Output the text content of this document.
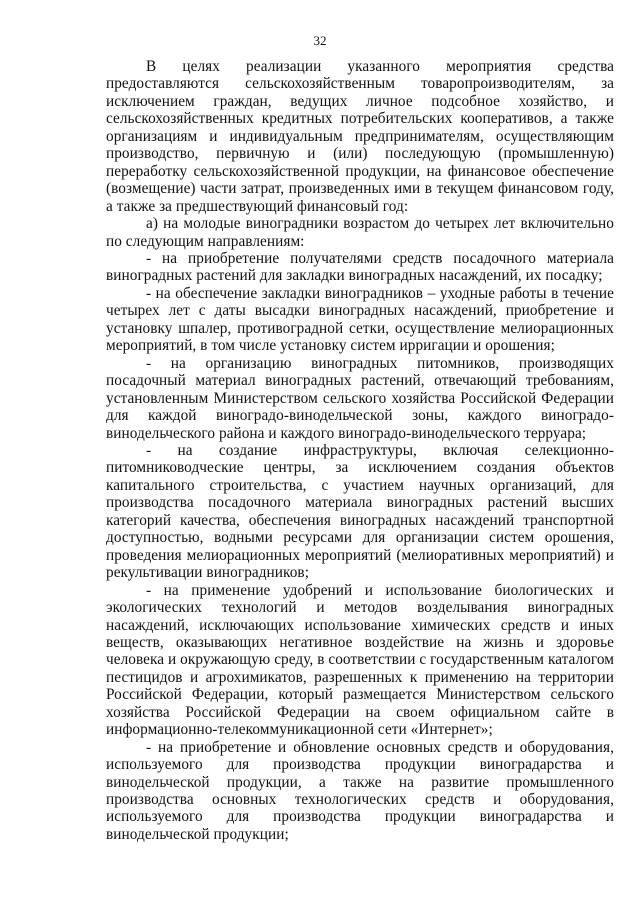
32

В целях реализации указанного мероприятия средства предоставляются сельскохозяйственным товаропроизводителям, за исключением граждан, ведущих личное подсобное хозяйство, и сельскохозяйственных кредитных потребительских кооперативов, а также организациям и индивидуальным предпринимателям, осуществляющим производство, первичную и (или) последующую (промышленную) переработку сельскохозяйственной продукции, на финансовое обеспечение (возмещение) части затрат, произведенных ими в текущем финансовом году, а также за предшествующий финансовый год:

а) на молодые виноградники возрастом до четырех лет включительно по следующим направлениям:

- на приобретение получателями средств посадочного материала виноградных растений для закладки виноградных насаждений, их посадку;

- на обеспечение закладки виноградников – уходные работы в течение четырех лет с даты высадки виноградных насаждений, приобретение и установку шпалер, противоградной сетки, осуществление мелиорационных мероприятий, в том числе установку систем ирригации и орошения;

- на организацию виноградных питомников, производящих посадочный материал виноградных растений, отвечающий требованиям, установленным Министерством сельского хозяйства Российской Федерации для каждой виноградо-винодельческой зоны, каждого виноградо-винодельческого района и каждого виноградо-винодельческого терруара;

- на создание инфраструктуры, включая селекционно-питомниководческие центры, за исключением создания объектов капитального строительства, с участием научных организаций, для производства посадочного материала виноградных растений высших категорий качества, обеспечения виноградных насаждений транспортной доступностью, водными ресурсами для организации систем орошения, проведения мелиорационных мероприятий (мелиоративных мероприятий) и рекультивации виноградников;

- на применение удобрений и использование биологических и экологических технологий и методов возделывания виноградных насаждений, исключающих использование химических средств и иных веществ, оказывающих негативное воздействие на жизнь и здоровье человека и окружающую среду, в соответствии с государственным каталогом пестицидов и агрохимикатов, разрешенных к применению на территории Российской Федерации, который размещается Министерством сельского хозяйства Российской Федерации на своем официальном сайте в информационно-телекоммуникационной сети «Интернет»;

- на приобретение и обновление основных средств и оборудования, используемого для производства продукции виноградарства и винодельческой продукции, а также на развитие промышленного производства основных технологических средств и оборудования, используемого для производства продукции виноградарства и винодельческой продукции;
